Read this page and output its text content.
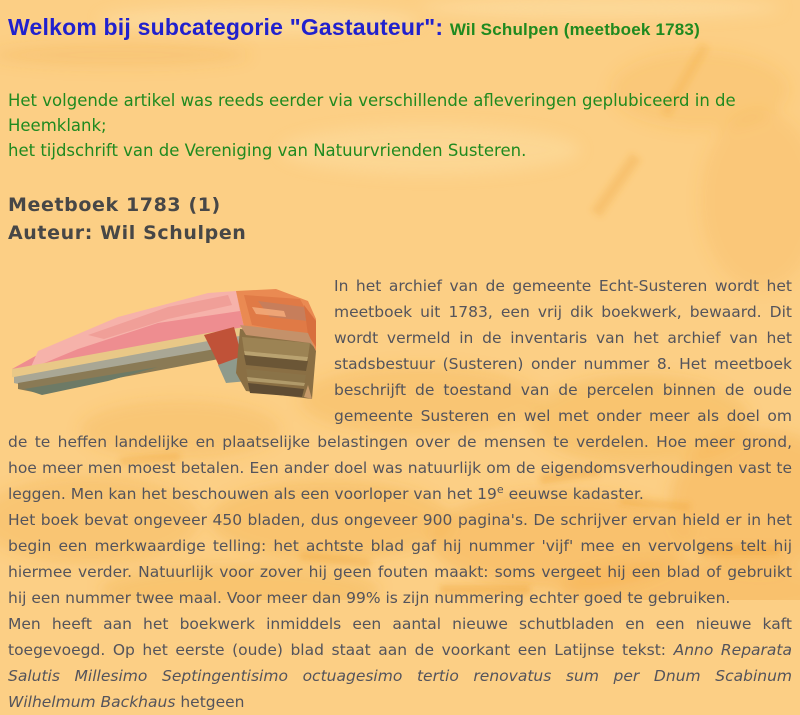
Welkom bij subcategorie "Gastauteur": Wil Schulpen (meetboek 1783)

Het volgende artikel was reeds eerder via verschillende afleveringen geplubiceerd in de
Heemklank;
het tijdschrift van de Vereniging van Natuurvrienden Susteren.

Meetboek 1783 (1)
Auteur: Wil Schulpen

In het archief van de gemeente Echt-Susteren wordt het meetboek uit 1783, een vrij dik boekwerk, bewaard. Dit wordt vermeld in de inventaris van het archief van het stadsbestuur (Susteren) onder nummer 8. Het meetboek beschrijft de toestand van de percelen binnen de oude gemeente Susteren en wel met onder meer als doel om de te heffen landelijke en plaatselijke belastingen over de mensen te verdelen. Hoe meer grond, hoe meer men moest betalen. Een ander doel was natuurlijk om de eigendomsverhoudingen vast te leggen. Men kan het beschouwen als een voorloper van het 19e eeuwse kadaster.

Het boek bevat ongeveer 450 bladen, dus ongeveer 900 pagina's. De schrijver ervan hield er in het begin een merkwaardige telling: het achtste blad gaf hij nummer 'vijf' mee en vervolgens telt hij hiermee verder. Natuurlijk voor zover hij geen fouten maakt: soms vergeet hij een blad of gebruikt hij een nummer twee maal. Voor meer dan 99% is zijn nummering echter goed te gebruiken.

Men heeft aan het boekwerk inmiddels een aantal nieuwe schutbladen en een nieuwe kaft toegevoegd. Op het eerste (oude) blad staat aan de voorkant een Latijnse tekst: Anno Reparata Salutis Millesimo Septingentisimo octuagesimo tertio renovatus sum per Dnum Scabinum Wilhelmum Backhaus hetgeen
